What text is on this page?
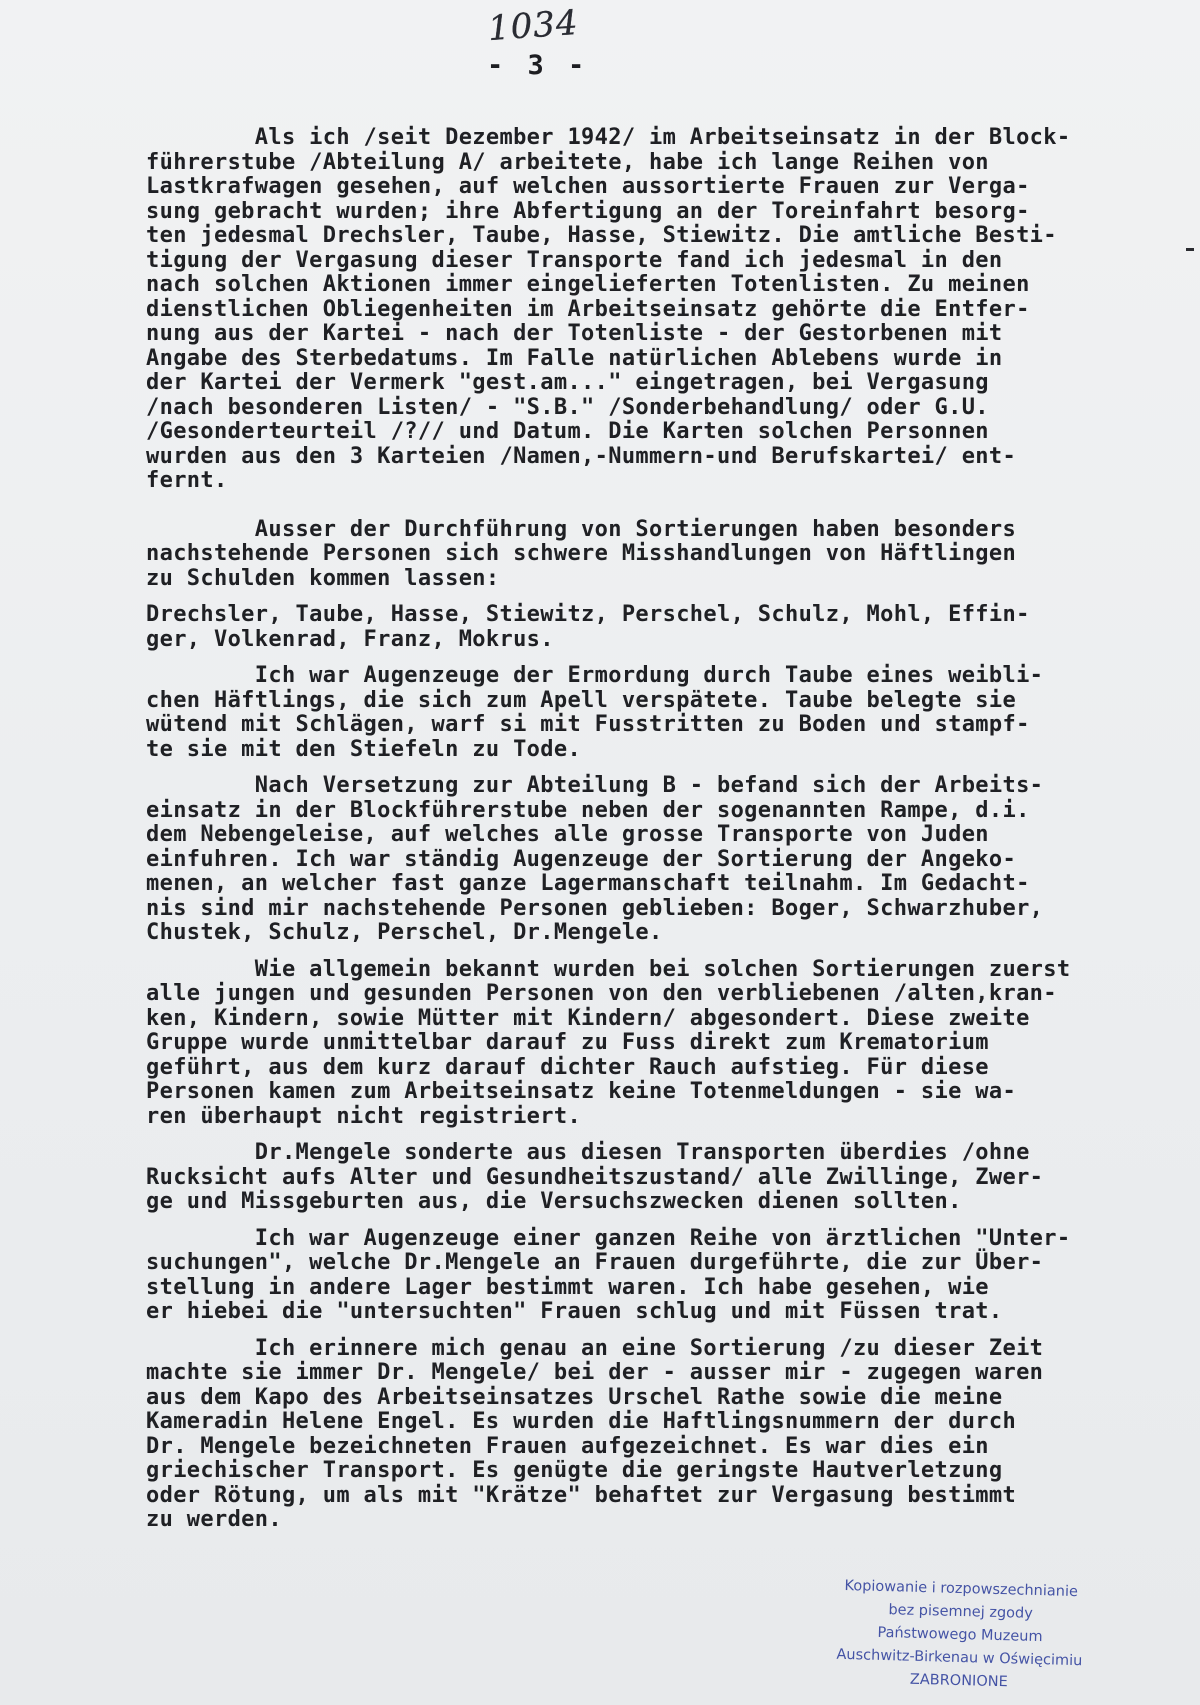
1034
- 3 -
Als ich /seit Dezember 1942/ im Arbeitseinsatz in der Block-
führerstube /Abteilung A/ arbeitete, habe ich lange Reihen von
Lastkrafwagen gesehen, auf welchen aussortierte Frauen zur Verga-
sung gebracht wurden; ihre Abfertigung an der Toreinfahrt besorg-
ten jedesmal Drechsler, Taube, Hasse, Stiewitz. Die amtliche Besti-
tigung der Vergasung dieser Transporte fand ich jedesmal in den
nach solchen Aktionen immer eingelieferten Totenlisten. Zu meinen
dienstlichen Obliegenheiten im Arbeitseinsatz gehörte die Entfer-
nung aus der Kartei - nach der Totenliste - der Gestorbenen mit
Angabe des Sterbedatums. Im Falle natürlichen Ablebens wurde in
der Kartei der Vermerk "gest.am..." eingetragen, bei Vergasung
/nach besonderen Listen/ - "S.B." /Sonderbehandlung/ oder G.U.
/Gesonderteurteil /?// und Datum. Die Karten solchen Personnen
wurden aus den 3 Karteien /Namen,-Nummern-und Berufskartei/ ent-
fernt.
Ausser der Durchführung von Sortierungen haben besonders
nachstehende Personen sich schwere Misshandlungen von Häftlingen
zu Schulden kommen lassen:
Drechsler, Taube, Hasse, Stiewitz, Perschel, Schulz, Mohl, Effin-
ger, Volkenrad, Franz, Mokrus.
Ich war Augenzeuge der Ermordung durch Taube eines weibli-
chen Häftlings, die sich zum Apell verspätete. Taube belegte sie
wütend mit Schlägen, warf si mit Fusstritten zu Boden und stampf-
te sie mit den Stiefeln zu Tode.
Nach Versetzung zur Abteilung B - befand sich der Arbeits-
einsatz in der Blockführerstube neben der sogenannten Rampe, d.i.
dem Nebengeleise, auf welches alle grosse Transporte von Juden
einfuhren. Ich war ständig Augenzeuge der Sortierung der Angeko-
menen, an welcher fast ganze Lagermanschaft teilnahm. Im Gedacht-
nis sind mir nachstehende Personen geblieben: Boger, Schwarzhuber,
Chustek, Schulz, Perschel, Dr.Mengele.
Wie allgemein bekannt wurden bei solchen Sortierungen zuerst
alle jungen und gesunden Personen von den verbliebenen /alten,kran-
ken, Kindern, sowie Mütter mit Kindern/ abgesondert. Diese zweite
Gruppe wurde unmittelbar darauf zu Fuss direkt zum Krematorium
geführt, aus dem kurz darauf dichter Rauch aufstieg. Für diese
Personen kamen zum Arbeitseinsatz keine Totenmeldungen - sie wa-
ren überhaupt nicht registriert.
Dr.Mengele sonderte aus diesen Transporten überdies /ohne
Rucksicht aufs Alter und Gesundheitszustand/ alle Zwillinge, Zwer-
ge und Missgeburten aus, die Versuchszwecken dienen sollten.
Ich war Augenzeuge einer ganzen Reihe von ärztlichen "Unter-
suchungen", welche Dr.Mengele an Frauen durgeführte, die zur Über-
stellung in andere Lager bestimmt waren. Ich habe gesehen, wie
er hiebei die "untersuchten" Frauen schlug und mit Füssen trat.
Ich erinnere mich genau an eine Sortierung /zu dieser Zeit
machte sie immer Dr. Mengele/ bei der - ausser mir - zugegen waren
aus dem Kapo des Arbeitseinsatzes Urschel Rathe sowie die meine
Kameradin Helene Engel. Es wurden die Haftlingsnummern der durch
Dr. Mengele bezeichneten Frauen aufgezeichnet. Es war dies ein
griechischer Transport. Es genügte die geringste Hautverletzung
oder Rötung, um als mit "Krätze" behaftet zur Vergasung bestimmt
zu werden.
Kopiowanie i rozpowszechnianie
bez pisemnej zgody
Państwowego Muzeum
Auschwitz-Birkenau w Oświęcimiu
ZABRONIONE
